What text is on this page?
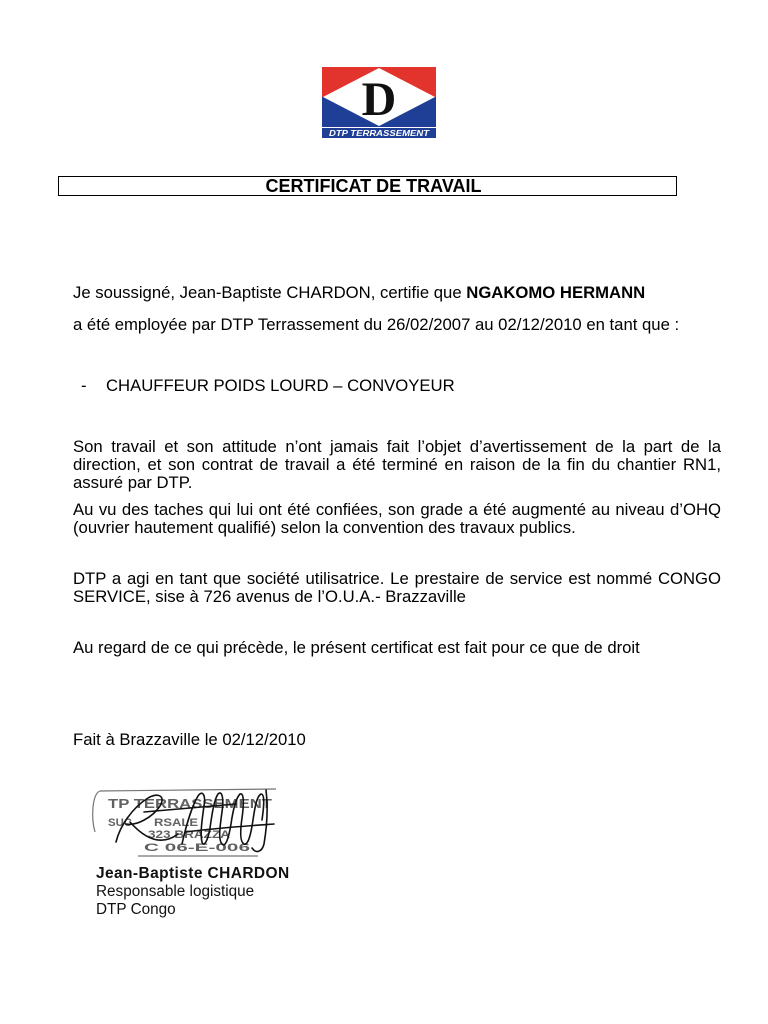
D
DTP TERRASSEMENT
CERTIFICAT DE TRAVAIL
Je soussigné, Jean-Baptiste CHARDON, certifie que NGAKOMO HERMANN
a été employée par DTP Terrassement du 26/02/2007 au 02/12/2010 en tant que :
- CHAUFFEUR POIDS LOURD – CONVOYEUR

Son travail et son attitude n’ont jamais fait l’objet d’avertissement de la part de la direction, et son contrat de travail a été terminé en raison de la fin du chantier RN1, assuré par DTP.

Au vu des taches qui lui ont été confiées, son grade a été augmenté au niveau d’OHQ (ouvrier hautement qualifié) selon la convention des travaux publics.

DTP a agi en tant que société utilisatrice. Le prestaire de service est nommé CONGO SERVICE, sise à 726 avenus de l’O.U.A.- Brazzaville

Au regard de ce qui précède, le présent certificat est fait pour ce que de droit

Fait à Brazzaville le 02/12/2010
TP TERRASSEMENT
SUC RSALE
323 BRAZZA
C 06-E-006
Jean-Baptiste CHARDON
Responsable logistique
DTP Congo
